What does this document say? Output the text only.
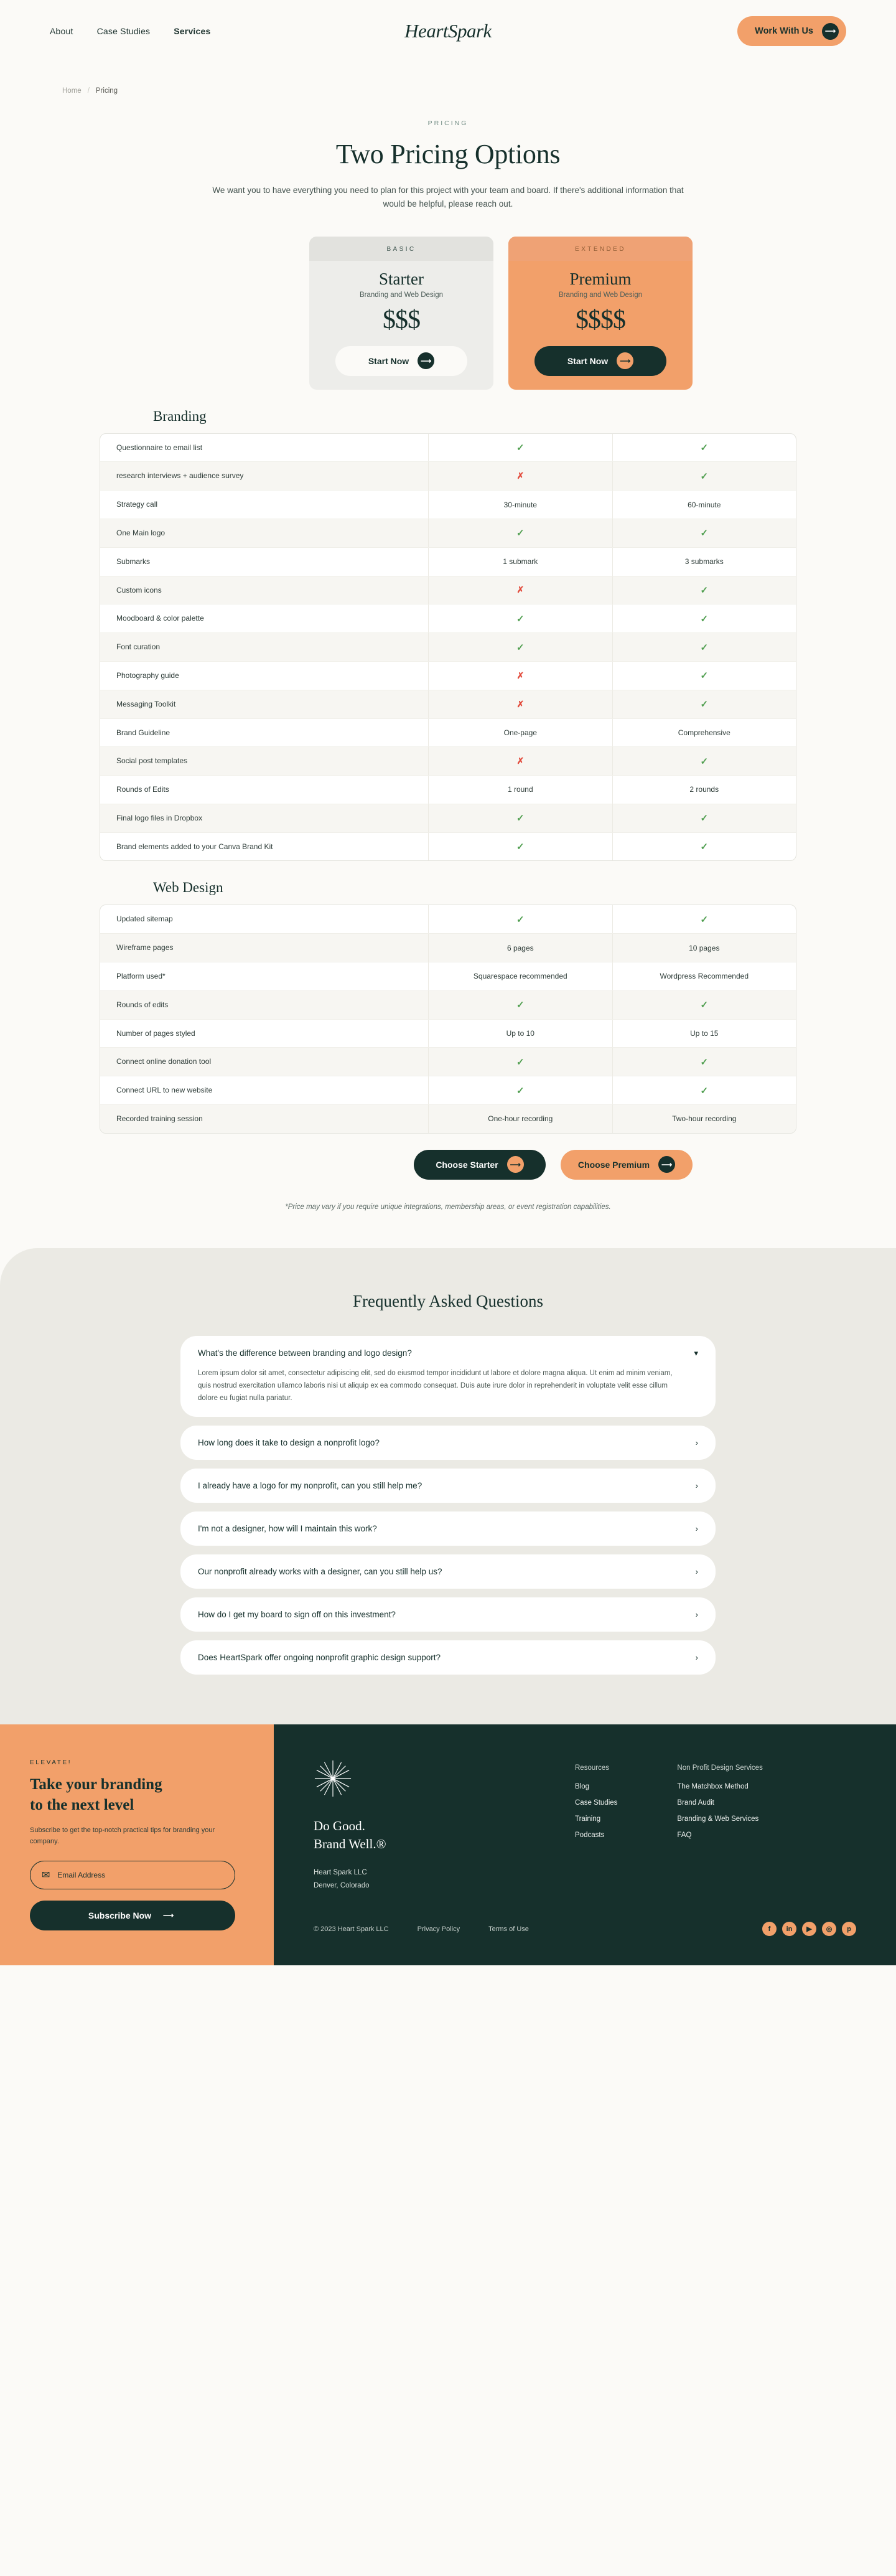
About	Case Studies	Services	HeartSpark	Work With Us	⟶
Home / Pricing
PRICING
Two Pricing Options

We want you to have everything you need to plan for this project with your team and board. If there's additional information that would be helpful, please reach out.

BASIC
Starter
Branding and Web Design
$$$
Start Now	⟶
EXTENDED
Premium
Branding and Web Design
$$$$
Start Now	⟶
Branding
Questionnaire to email list	✓	✓
research interviews + audience survey	✗	✓
Strategy call	30-minute	60-minute
One Main logo	✓	✓
Submarks	1 submark	3 submarks
Custom icons	✗	✓
Moodboard & color palette	✓	✓
Font curation	✓	✓
Photography guide	✗	✓
Messaging Toolkit	✗	✓
Brand Guideline	One-page	Comprehensive
Social post templates	✗	✓
Rounds of Edits	1 round	2 rounds
Final logo files in Dropbox	✓	✓
Brand elements added to your Canva Brand Kit	✓	✓
Web Design
Updated sitemap	✓	✓
Wireframe pages	6 pages	10 pages
Platform used*	Squarespace recommended	Wordpress Recommended
Rounds of edits	✓	✓
Number of pages styled	Up to 10	Up to 15
Connect online donation tool	✓	✓
Connect URL to new website	✓	✓
Recorded training session	One-hour recording	Two-hour recording
Choose Starter	⟶	Choose Premium	⟶
*Price may vary if you require unique integrations, membership areas, or event registration capabilities.
Frequently Asked Questions
What's the difference between branding and logo design?	▾
Lorem ipsum dolor sit amet, consectetur adipiscing elit, sed do eiusmod tempor incididunt ut labore et dolore magna aliqua. Ut enim ad minim veniam, quis nostrud exercitation ullamco laboris nisi ut aliquip ex ea commodo consequat. Duis aute irure dolor in reprehenderit in voluptate velit esse cillum dolore eu fugiat nulla pariatur.
How long does it take to design a nonprofit logo?	›
I already have a logo for my nonprofit, can you still help me?	›
I'm not a designer, how will I maintain this work?	›
Our nonprofit already works with a designer, can you still help us?	›
How do I get my board to sign off on this investment?	›
Does HeartSpark offer ongoing nonprofit graphic design support?	›
ELEVATE!
Take your branding
to the next level
Subscribe to get the top-notch practical tips for branding your company.
✉
Email Address
Subscribe Now	⟶
Do Good.
Brand Well.®
Heart Spark LLC
Denver, Colorado
Resources
Blog
Case Studies
Training
Podcasts
Non Profit Design Services
The Matchbox Method
Brand Audit
Branding & Web Services
FAQ
© 2023 Heart Spark LLC	Privacy Policy	Terms of Use	f	in	▶	◎	p
